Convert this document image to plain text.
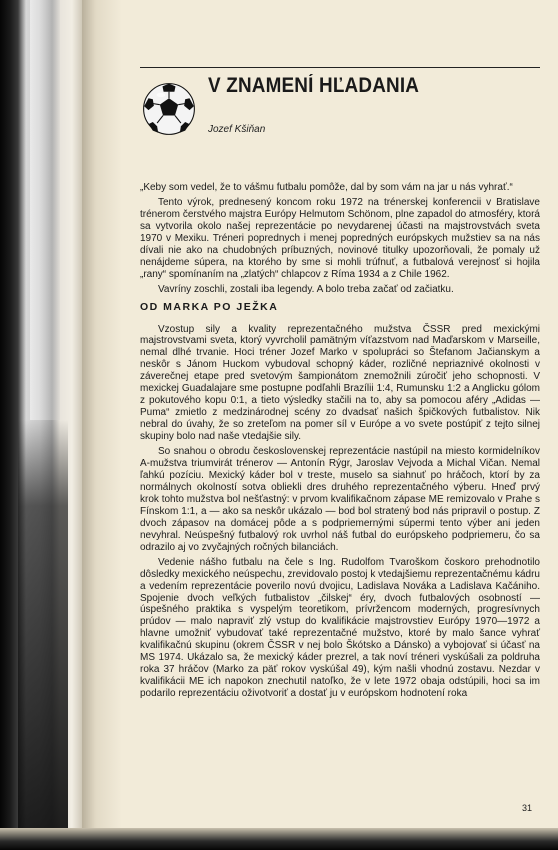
V ZNAMENÍ HĽADANIA
Jozef Kšiňan

„Keby som vedel, že to vášmu futbalu pomôže, dal by som vám na jar u nás vyhrať.“

Tento výrok, prednesený koncom roku 1972 na trénerskej konferencii v Bratislave trénerom čerstvého majstra Európy Helmutom Schönom, plne zapadol do atmosféry, ktorá sa vytvorila okolo našej reprezentácie po nevydarenej účasti na majstrovstvách sveta 1970 v Mexiku. Tréneri poprednych i menej popredných európskych mužstiev sa na nás dívali nie ako na chudobných príbuzných, novinové titulky upozorňovali, že pomaly už nenájdeme súpera, na ktorého by sme si mohli trúfnuť, a futbalová verejnosť si hojila „rany“ spomínaním na „zlatých“ chlapcov z Ríma 1934 a z Chile 1962.

Vavríny zoschli, zostali iba legendy. A bolo treba začať od začiatku.

OD MARKA PO JEŽKA

Vzostup sily a kvality reprezentačného mužstva ČSSR pred mexickými majstrovstvami sveta, ktorý vyvrcholil pamätným víťazstvom nad Maďarskom v Marseille, nemal dlhé trvanie. Hoci tréner Jozef Marko v spolupráci so Štefanom Jačianskym a neskôr s Jánom Huckom vybudoval schopný káder, rozličné nepriaznivé okolnosti v záverečnej etape pred svetovým šampionátom znemožnili zúročiť jeho schopnosti. V mexickej Guadalajare sme postupne podľahli Brazílii 1:4, Rumunsku 1:2 a Anglicku gólom z pokutového kopu 0:1, a tieto výsledky stačili na to, aby sa pomocou aféry „Adidas — Puma“ zmietlo z medzinárodnej scény zo dvadsať našich špičkových futbalistov. Nik nebral do úvahy, že so zreteľom na pomer síl v Európe a vo svete postúpiť z tejto silnej skupiny bolo nad naše vtedajšie sily.

So snahou o obrodu československej reprezentácie nastúpil na miesto kormidelníkov A-mužstva triumvirát trénerov — Antonín Rýgr, Jaroslav Vejvoda a Michal Vičan. Nemal ľahkú pozíciu. Mexický káder bol v treste, muselo sa siahnuť po hráčoch, ktorí by za normálnych okolností sotva obliekli dres druhého reprezentačného výberu. Hneď prvý krok tohto mužstva bol nešťastný: v prvom kvalifikačnom zápase ME remizovalo v Prahe s Fínskom 1:1, a — ako sa neskôr ukázalo — bod bol stratený bod nás pripravil o postup. Z dvoch zápasov na domácej pôde a s podpriemernými súpermi tento výber ani jeden nevyhral. Neúspešný futbalový rok uvrhol náš futbal do európskeho podpriemeru, čo sa odrazilo aj vo zvyčajných ročných bilanciách.

Vedenie nášho futbalu na čele s Ing. Rudolfom Tvaroškom čoskoro prehodnotilo dôsledky mexického neúspechu, zrevidovalo postoj k vtedajšiemu reprezentačnému kádru a vedením reprezentácie poverilo novú dvojicu, Ladislava Nováka a Ladislava Kačániho. Spojenie dvoch veľkých futbalistov „čilskej“ éry, dvoch futbalových osobností — úspešného praktika s vyspelým teoretikom, prívržencom moderných, progresívnych prúdov — malo napraviť zlý vstup do kvalifikácie majstrovstiev Európy 1970—1972 a hlavne umožniť vybudovať také reprezentačné mužstvo, ktoré by malo šance vyhrať kvalifikačnú skupinu (okrem ČSSR v nej bolo Škótsko a Dánsko) a vybojovať si účasť na MS 1974. Ukázalo sa, že mexický káder prezrel, a tak noví tréneri vyskúšali za poldruha roka 37 hráčov (Marko za päť rokov vyskúšal 49), kým našli vhodnú zostavu. Nezdar v kvalifikácii ME ich napokon znechutil natoľko, že v lete 1972 obaja odstúpili, hoci sa im podarilo reprezentáciu oživotvoriť a dostať ju v európskom hodnotení roka

31
